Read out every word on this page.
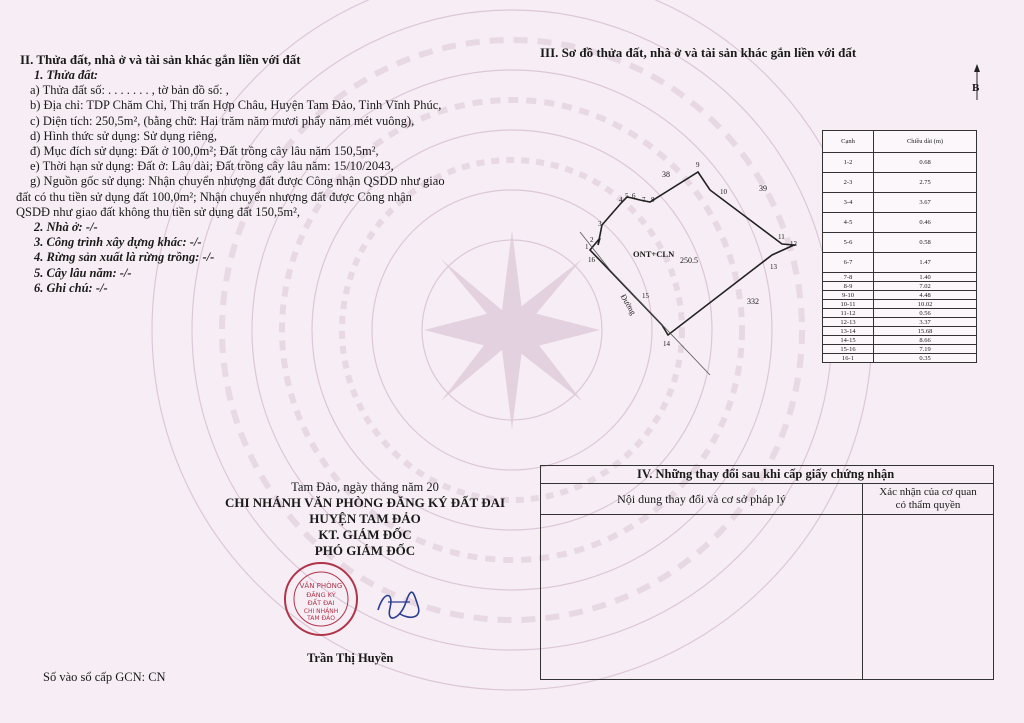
II. Thửa đất, nhà ở và tài sản khác gắn liền với đất
1. Thửa đất:
a) Thửa đất số: . . . . . . . , tờ bản đồ số: ,
b) Địa chỉ: TDP Chăm Chỉ, Thị trấn Hợp Châu, Huyện Tam Đảo, Tỉnh Vĩnh Phúc,
c) Diện tích: 250,5m², (bằng chữ: Hai trăm năm mươi phẩy năm mét vuông),
d) Hình thức sử dụng: Sử dụng riêng,
đ) Mục đích sử dụng: Đất ở 100,0m²; Đất trồng cây lâu năm 150,5m²,
e) Thời hạn sử dụng: Đất ở: Lâu dài; Đất trồng cây lâu năm: 15/10/2043,
g) Nguồn gốc sử dụng: Nhận chuyển nhượng đất được Công nhận QSDD như giao
đất có thu tiền sử dụng đất 100,0m²; Nhận chuyển nhượng đất được Công nhận
QSDĐ như giao đất không thu tiền sử dụng đất 150,5m²,
2. Nhà ở: -/-
3. Công trình xây dựng khác: -/-
4. Rừng sản xuất là rừng trồng: -/-
5. Cây lâu năm: -/-
6. Ghi chú: -/-
III. Sơ đồ thửa đất, nhà ở và tài sản khác gắn liền với đất
B
ONT+CLN
250.5
38
39
332
Đường
1
2
3
4 5 6 7 8
9
10
11
12
13
14
15
16
Cạnh	Chiều dài (m)
1-2	0.68
2-3	2.75
3-4	3.67
4-5	0.46
5-6	0.58
6-7	1.47
7-8	1.40
8-9	7.02
9-10	4.48
10-11	10.02
11-12	0.56
12-13	3.37
13-14	15.68
14-15	8.66
15-16	7.19
16-1	0.35
Tam Đảo, ngày tháng năm 20
CHI NHÁNH VĂN PHÒNG ĐĂNG KÝ ĐẤT ĐAI
HUYỆN TAM ĐẢO
KT. GIÁM ĐỐC
PHÓ GIÁM ĐỐC
VĂN PHÒNG
ĐĂNG KÝ
ĐẤT ĐAI
CHI NHÁNH
TAM ĐẢO
Trần Thị Huyền
IV. Những thay đổi sau khi cấp giấy chứng nhận
Nội dung thay đổi và cơ sở pháp lý	Xác nhận của cơ quan
có thẩm quyền
Số vào sổ cấp GCN: CN
